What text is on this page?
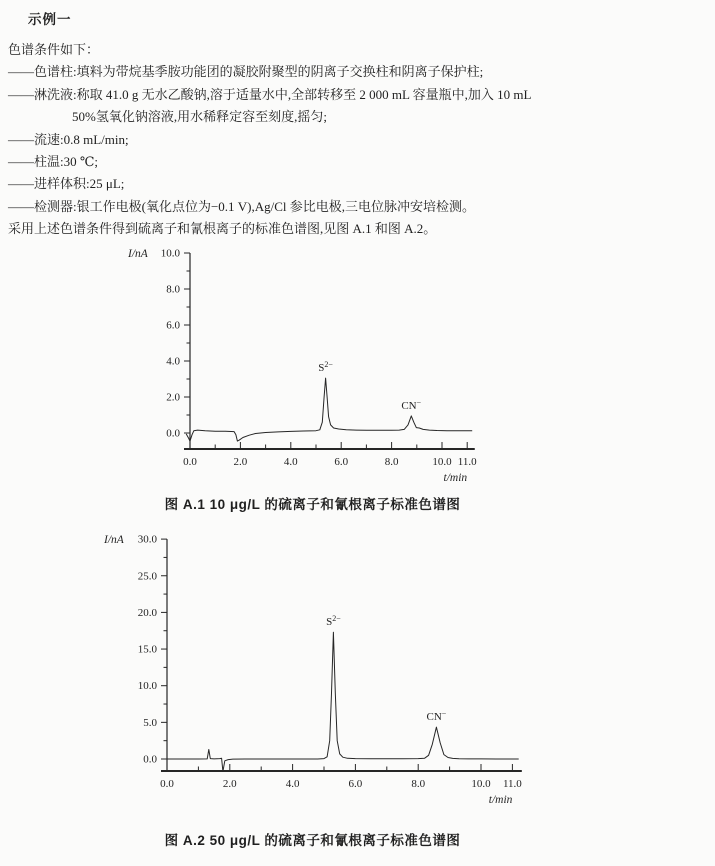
示例一
色谱条件如下：
——色谱柱:填料为带烷基季胺功能团的凝胶附聚型的阴离子交换柱和阴离子保护柱;
——淋洗液:称取 41.0 g 无水乙酸钠,溶于适量水中,全部转移至 2 000 mL 容量瓶中,加入 10 mL
50%氢氧化钠溶液,用水稀释定容至刻度,摇匀;
——流速:0.8 mL/min;
——柱温:30 ℃;
——进样体积:25 μL;
——检测器:银工作电极(氧化点位为−0.1 V),Ag/Cl 参比电极,三电位脉冲安培检测。
采用上述色谱条件得到硫离子和氰根离子的标准色谱图,见图 A.1 和图 A.2。
0.0
2.0
4.0
6.0
8.0
10.0
0.0	2.0	4.0	6.0	8.0	10.0 11.0
I/nA
t/min
$S^{2-}$
CN−
图 A.1 10 μg/L 的硫离子和氰根离子标准色谱图
0.0
5.0
10.0
15.0
20.0
25.0
30.0
0.0	2.0	4.0	6.0	8.0	10.0 11.0
I/nA
t/min
$S^{2-}$
CN−
图 A.2 50 μg/L 的硫离子和氰根离子标准色谱图
